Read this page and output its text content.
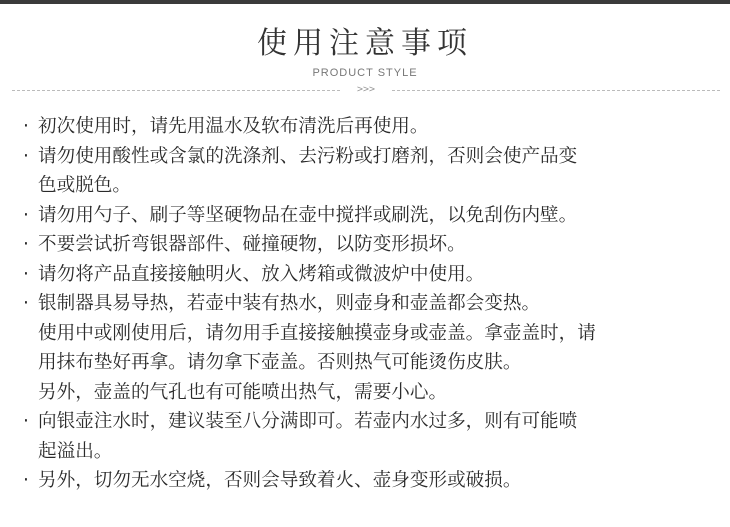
使用注意事项
PRODUCT STYLE
>>>
· 初次使用时，请先用温水及软布清洗后再使用。
· 请勿使用酸性或含氯的洗涤剂、去污粉或打磨剂，否则会使产品变
色或脱色。
· 请勿用勺子、刷子等坚硬物品在壶中搅拌或刷洗，以免刮伤内壁。
· 不要尝试折弯银器部件、碰撞硬物，以防变形损坏。
· 请勿将产品直接接触明火、放入烤箱或微波炉中使用。
· 银制器具易导热，若壶中装有热水，则壶身和壶盖都会变热。
使用中或刚使用后，请勿用手直接接触摸壶身或壶盖。拿壶盖时，请
用抹布垫好再拿。请勿拿下壶盖。否则热气可能烫伤皮肤。
另外，壶盖的气孔也有可能喷出热气，需要小心。
· 向银壶注水时，建议装至八分满即可。若壶内水过多，则有可能喷
起溢出。
· 另外，切勿无水空烧，否则会导致着火、壶身变形或破损。
